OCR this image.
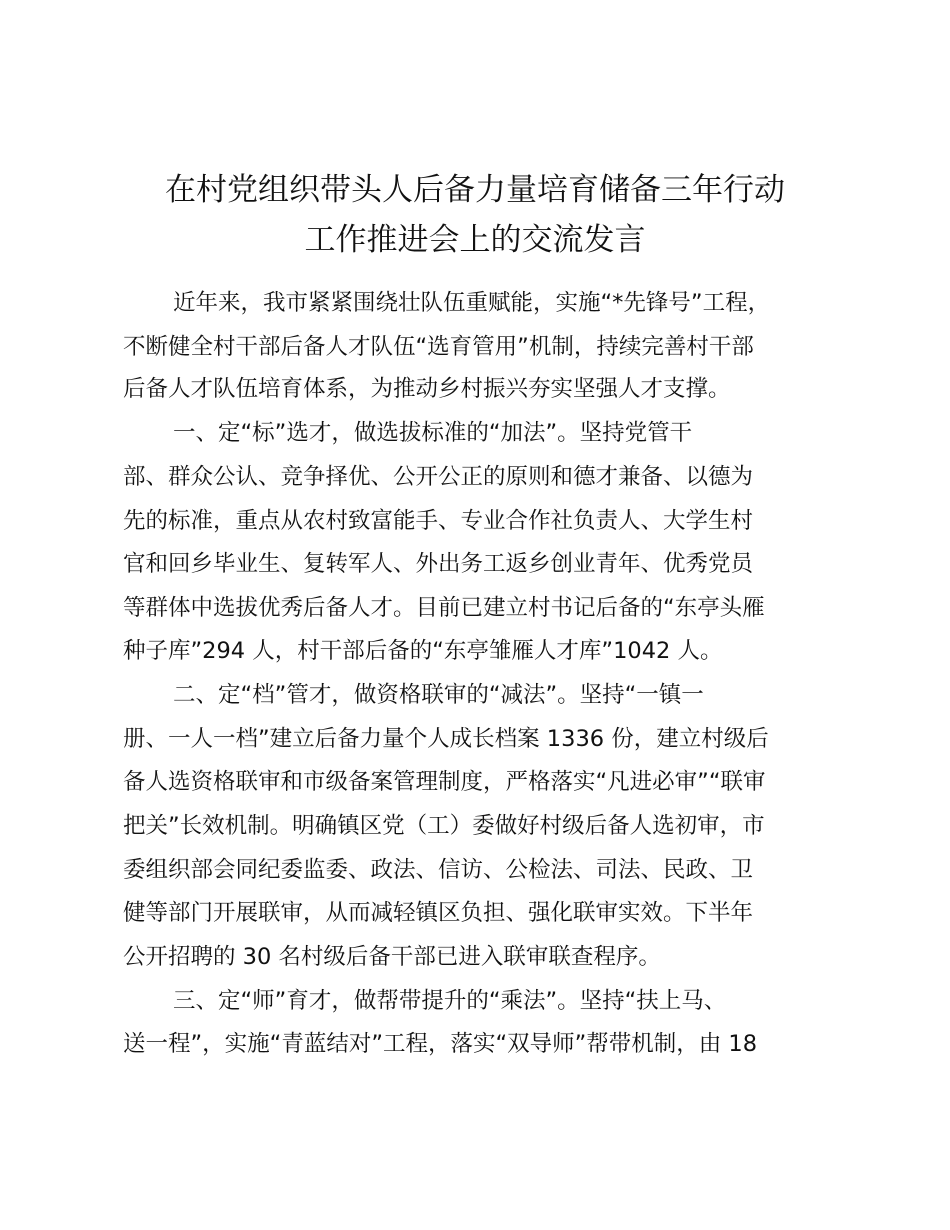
在村党组织带头人后备力量培育储备三年行动
工作推进会上的交流发言
近年来，我市紧紧围绕壮队伍重赋能，实施“*先锋号”工程，
不断健全村干部后备人才队伍“选育管用”机制，持续完善村干部
后备人才队伍培育体系，为推动乡村振兴夯实坚强人才支撑。
一、定“标”选才，做选拔标准的“加法”。坚持党管干
部、群众公认、竞争择优、公开公正的原则和德才兼备、以德为
先的标准，重点从农村致富能手、专业合作社负责人、大学生村
官和回乡毕业生、复转军人、外出务工返乡创业青年、优秀党员
等群体中选拔优秀后备人才。目前已建立村书记后备的“东亭头雁
种子库”294 人，村干部后备的“东亭雏雁人才库”1042 人。
二、定“档”管才，做资格联审的“减法”。坚持“一镇一
册、一人一档”建立后备力量个人成长档案 1336 份，建立村级后
备人选资格联审和市级备案管理制度，严格落实“凡进必审”“联审
把关”长效机制。明确镇区党（工）委做好村级后备人选初审，市
委组织部会同纪委监委、政法、信访、公检法、司法、民政、卫
健等部门开展联审，从而减轻镇区负担、强化联审实效。下半年
公开招聘的 30 名村级后备干部已进入联审联查程序。
三、定“师”育才，做帮带提升的“乘法”。坚持“扶上马、
送一程”，实施“青蓝结对”工程，落实“双导师”帮带机制，由 18
